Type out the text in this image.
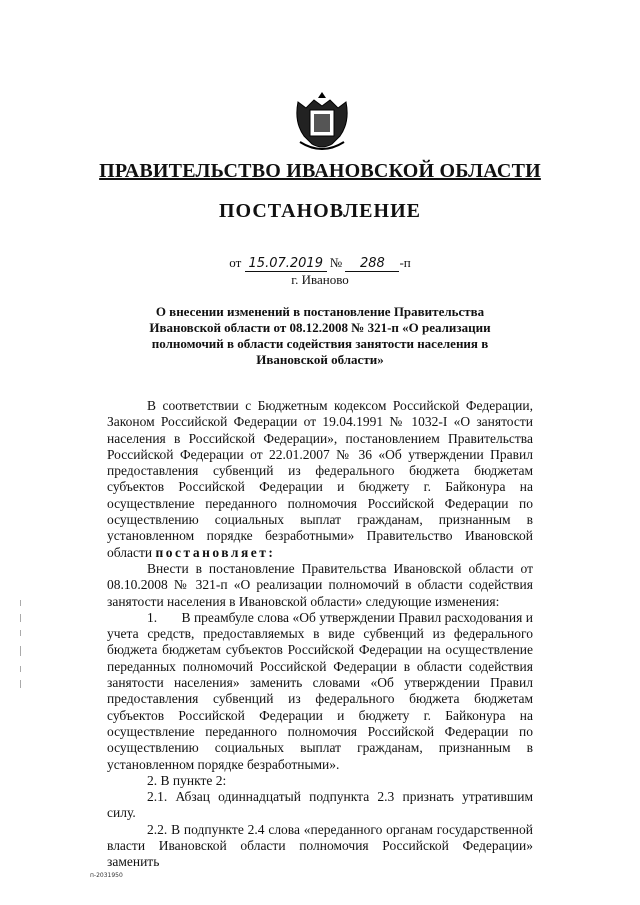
ПРАВИТЕЛЬСТВО ИВАНОВСКОЙ ОБЛАСТИ
ПОСТАНОВЛЕНИЕ
от 15.07.2019 № 288 -п
г. Иваново
О внесении изменений в постановление Правительства Ивановской области от 08.12.2008 № 321-п «О реализации полномочий в области содействия занятости населения в Ивановской области»

В соответствии с Бюджетным кодексом Российской Федерации, Законом Российской Федерации от 19.04.1991 № 1032-I «О занятости населения в Российской Федерации», постановлением Правительства Российской Федерации от 22.01.2007 № 36 «Об утверждении Правил предоставления субвенций из федерального бюджета бюджетам субъектов Российской Федерации и бюджету г. Байконура на осуществление переданного полномочия Российской Федерации по осуществлению социальных выплат гражданам, признанным в установленном порядке безработными» Правительство Ивановской области постановляет:

Внести в постановление Правительства Ивановской области от 08.10.2008 № 321-п «О реализации полномочий в области содействия занятости населения в Ивановской области» следующие изменения:

1.       В преамбуле слова «Об утверждении Правил расходования и учета средств, предоставляемых в виде субвенций из федерального бюджета бюджетам субъектов Российской Федерации на осуществление переданных полномочий Российской Федерации в области содействия занятости населения» заменить словами «Об утверждении Правил предоставления субвенций из федерального бюджета бюджетам субъектов Российской Федерации и бюджету г. Байконура на осуществление переданного полномочия Российской Федерации по осуществлению социальных выплат гражданам, признанным в установленном порядке безработными».

2. В пункте 2:

2.1. Абзац одиннадцатый подпункта 2.3 признать утратившим силу.

2.2. В подпункте 2.4 слова «переданного органам государственной власти Ивановской области полномочия Российской Федерации» заменить

п-2031950
